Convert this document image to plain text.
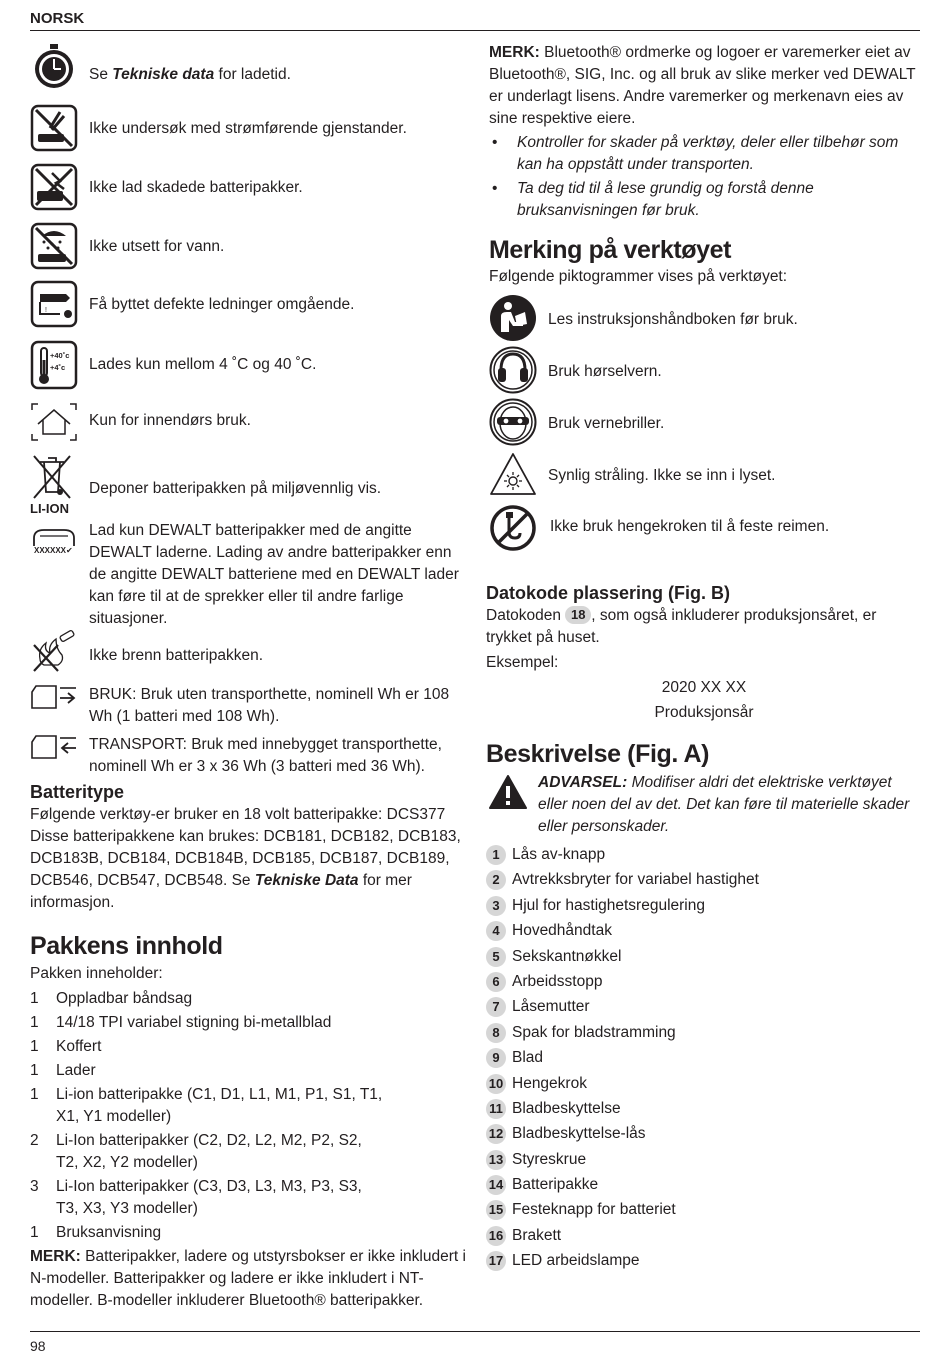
NORSK
Se Tekniske data for ladetid.
Ikke undersøk med strømførende gjenstander.
Ikke lad skadede batteripakker.
Ikke utsett for vann.
!	Få byttet defekte ledninger omgående.
+40˚c
+4˚c Lades kun mellom 4 ˚C og 40 ˚C.
Kun for innendørs bruk.
LI-ION
Deponer batteripakken på miljøvennlig vis.
XXXXXX✔
Lad kun DEWALT batteripakker med de angitte DEWALT laderne. Lading av andre batteripakker enn de angitte DEWALT batteriene med en DEWALT lader kan føre til at de sprekker eller til andre farlige situasjoner.
Ikke brenn batteripakken.
BRUK: Bruk uten transporthette, nominell Wh er 108 Wh (1 batteri med 108 Wh).
TRANSPORT: Bruk med innebygget transporthette, nominell Wh er 3 x 36 Wh (3 batteri med 36 Wh).
Batteritype

Følgende verktøy-er bruker en 18 volt batteripakke: DCS377

Disse batteripakkene kan brukes: DCB181, DCB182, DCB183, DCB183B, DCB184, DCB184B, DCB185, DCB187, DCB189, DCB546, DCB547, DCB548. Se Tekniske Data for mer informasjon.

Pakkens innhold

Pakken inneholder:

1	Oppladbar båndsag
1	14/18 TPI variabel stigning bi-metallblad
1	Koffert
1	Lader
1	Li-ion batteripakke (C1, D1, L1, M1, P1, S1, T1, X1, Y1 modeller)
2	Li-Ion batteripakker (C2, D2, L2, M2, P2, S2, T2, X2, Y2 modeller)
3	Li-Ion batteripakker (C3, D3, L3, M3, P3, S3, T3, X3, Y3 modeller)
1	Bruksanvisning

MERK: Batteripakker, ladere og utstyrsbokser er ikke inkludert i N-modeller. Batteripakker og ladere er ikke inkludert i NT-modeller. B-modeller inkluderer Bluetooth® batteripakker.

MERK: Bluetooth® ordmerke og logoer er varemerker eiet av Bluetooth®, SIG, Inc. og all bruk av slike merker ved DEWALT er underlagt lisens. Andre varemerker og merkenavn eies av sine respektive eiere.

• Kontroller for skader på verktøy, deler eller tilbehør som kan ha oppstått under transporten.
• Ta deg tid til å lese grundig og forstå denne bruksanvisningen før bruk.
Merking på verktøyet

Følgende piktogrammer vises på verktøyet:

Les instruksjonshåndboken før bruk.
Bruk hørselvern.
Bruk vernebriller.
Synlig stråling. Ikke se inn i lyset.
Ikke bruk hengekroken til å feste reimen.
Datokode plassering (Fig. B)

Datokoden 18 , som også inkluderer produksjonsåret, er trykket på huset.

Eksempel:

2020 XX XX

Produksjonsår

Beskrivelse (Fig. A)

ADVARSEL: Modifiser aldri det elektriske verktøyet eller noen del av det. Det kan føre til materielle skader eller personskader.

1 Lås av-knapp
2 Avtrekksbryter for variabel hastighet
3 Hjul for hastighetsregulering
4 Hovedhåndtak
5 Sekskantnøkkel
6 Arbeidsstopp
7 Låsemutter
8 Spak for bladstramming
9 Blad
10 Hengekrok
11 Bladbeskyttelse
12 Bladbeskyttelse-lås
13 Styreskrue
14 Batteripakke
15 Festeknapp for batteriet
16 Brakett
17 LED arbeidslampe
98
